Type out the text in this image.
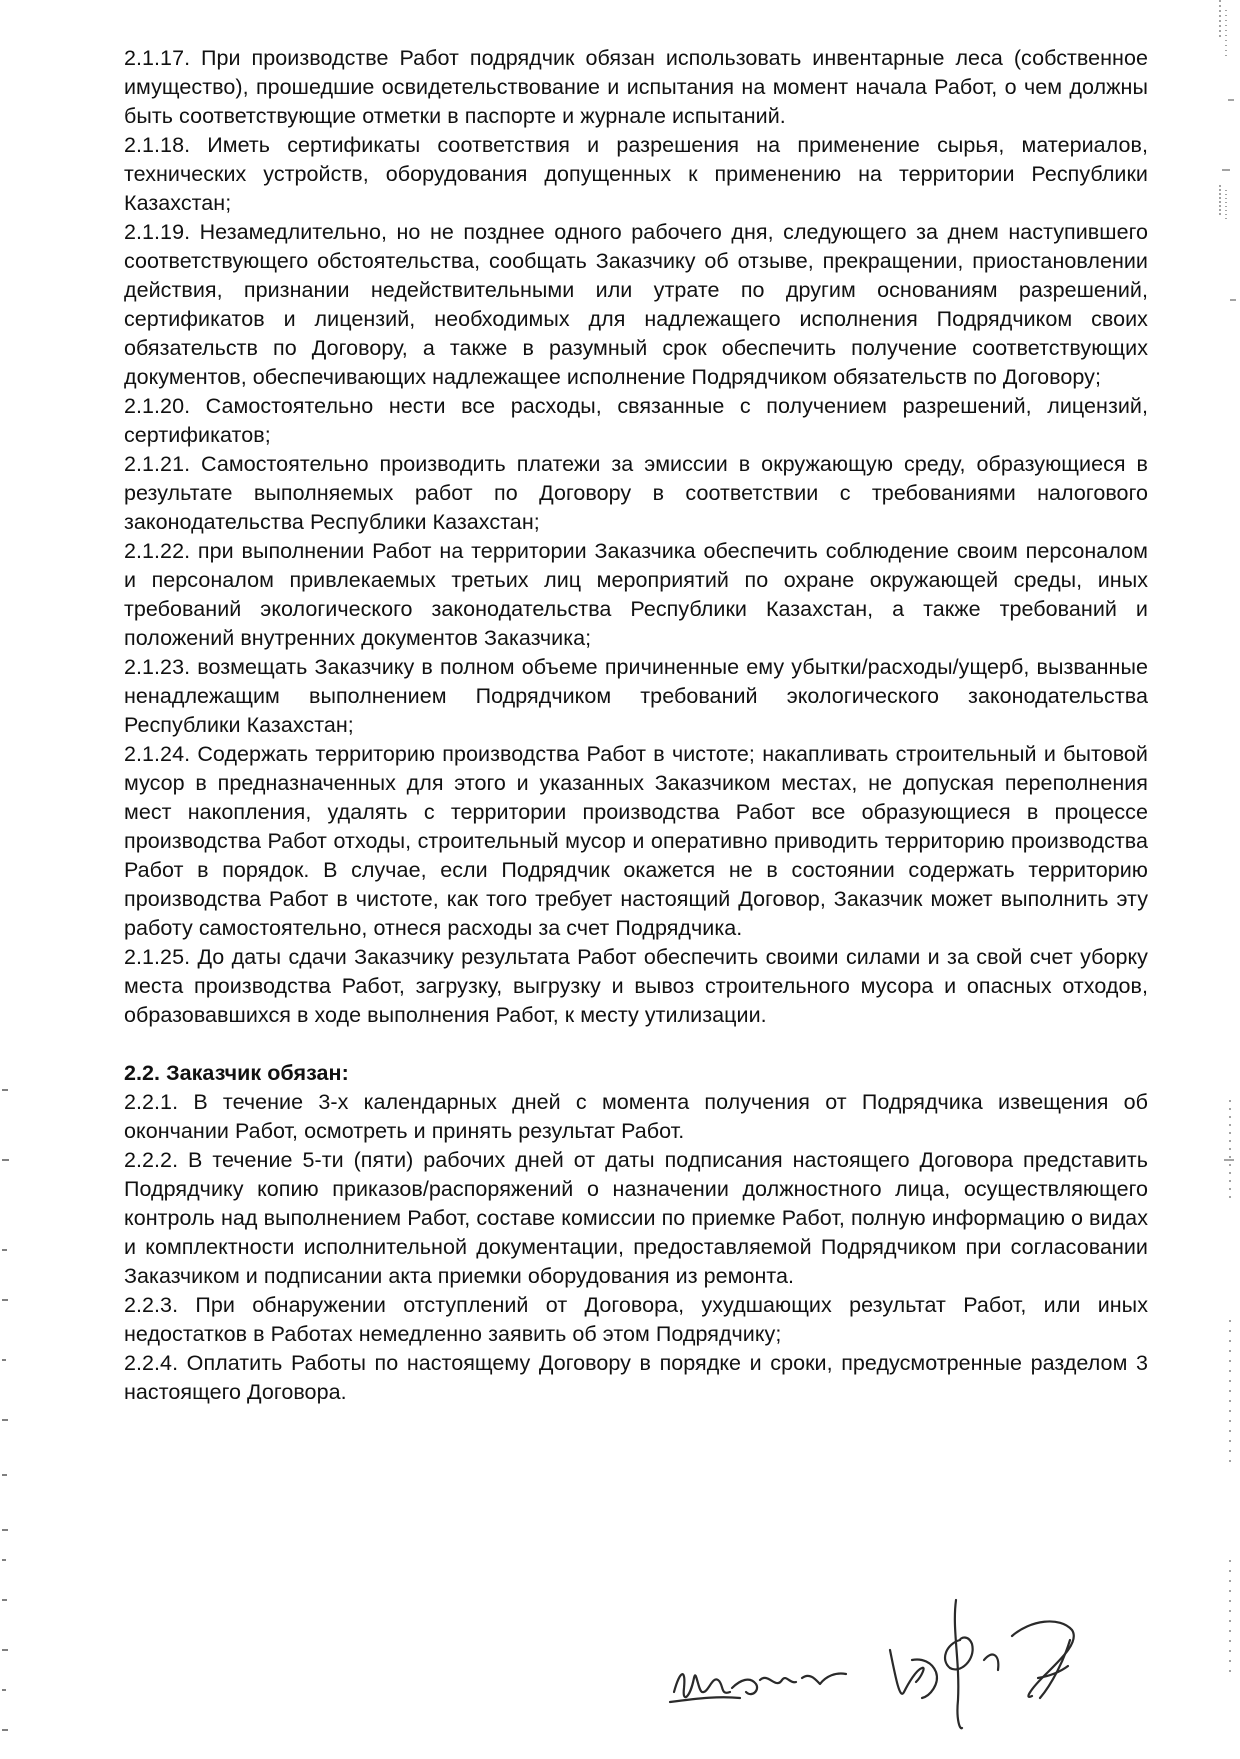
2.1.17. При производстве Работ подрядчик обязан использовать инвентарные леса (собственное имущество), прошедшие освидетельствование и испытания на момент начала Работ, о чем должны быть соответствующие отметки в паспорте и журнале испытаний.

2.1.18. Иметь сертификаты соответствия и разрешения на применение сырья, материалов, технических устройств, оборудования допущенных к применению на территории Республики Казахстан;

2.1.19. Незамедлительно, но не позднее одного рабочего дня, следующего за днем наступившего соответствующего обстоятельства, сообщать Заказчику об отзыве, прекращении, приостановлении действия, признании недействительными или утрате по другим основаниям разрешений, сертификатов и лицензий, необходимых для надлежащего исполнения Подрядчиком своих обязательств по Договору, а также в разумный срок обеспечить получение соответствующих документов, обеспечивающих надлежащее исполнение Подрядчиком обязательств по Договору;

2.1.20. Самостоятельно нести все расходы, связанные с получением разрешений, лицензий, сертификатов;

2.1.21. Самостоятельно производить платежи за эмиссии в окружающую среду, образующиеся в результате выполняемых работ по Договору в соответствии с требованиями налогового законодательства Республики Казахстан;

2.1.22. при выполнении Работ на территории Заказчика обеспечить соблюдение своим персоналом и персоналом привлекаемых третьих лиц мероприятий по охране окружающей среды, иных требований экологического законодательства Республики Казахстан, а также требований и положений внутренних документов Заказчика;

2.1.23. возмещать Заказчику в полном объеме причиненные ему убытки/расходы/ущерб, вызванные ненадлежащим выполнением Подрядчиком требований экологического законодательства Республики Казахстан;

2.1.24. Содержать территорию производства Работ в чистоте; накапливать строительный и бытовой мусор в предназначенных для этого и указанных Заказчиком местах, не допуская переполнения мест накопления, удалять с территории производства Работ все образующиеся в процессе производства Работ отходы, строительный мусор и оперативно приводить территорию производства Работ в порядок. В случае, если Подрядчик окажется не в состоянии содержать территорию производства Работ в чистоте, как того требует настоящий Договор, Заказчик может выполнить эту работу самостоятельно, отнеся расходы за счет Подрядчика.

2.1.25. До даты сдачи Заказчику результата Работ обеспечить своими силами и за свой счет уборку места производства Работ, загрузку, выгрузку и вывоз строительного мусора и опасных отходов, образовавшихся в ходе выполнения Работ, к месту утилизации.

2.2. Заказчик обязан:

2.2.1. В течение 3-х календарных дней с момента получения от Подрядчика извещения об окончании Работ, осмотреть и принять результат Работ.

2.2.2. В течение 5-ти (пяти) рабочих дней от даты подписания настоящего Договора представить Подрядчику копию приказов/распоряжений о назначении должностного лица, осуществляющего контроль над выполнением Работ, составе комиссии по приемке Работ, полную информацию о видах и комплектности исполнительной документации, предоставляемой Подрядчиком при согласовании Заказчиком и подписании акта приемки оборудования из ремонта.

2.2.3. При обнаружении отступлений от Договора, ухудшающих результат Работ, или иных недостатков в Работах немедленно заявить об этом Подрядчику;

2.2.4. Оплатить Работы по настоящему Договору в порядке и сроки, предусмотренные разделом 3 настоящего Договора.
